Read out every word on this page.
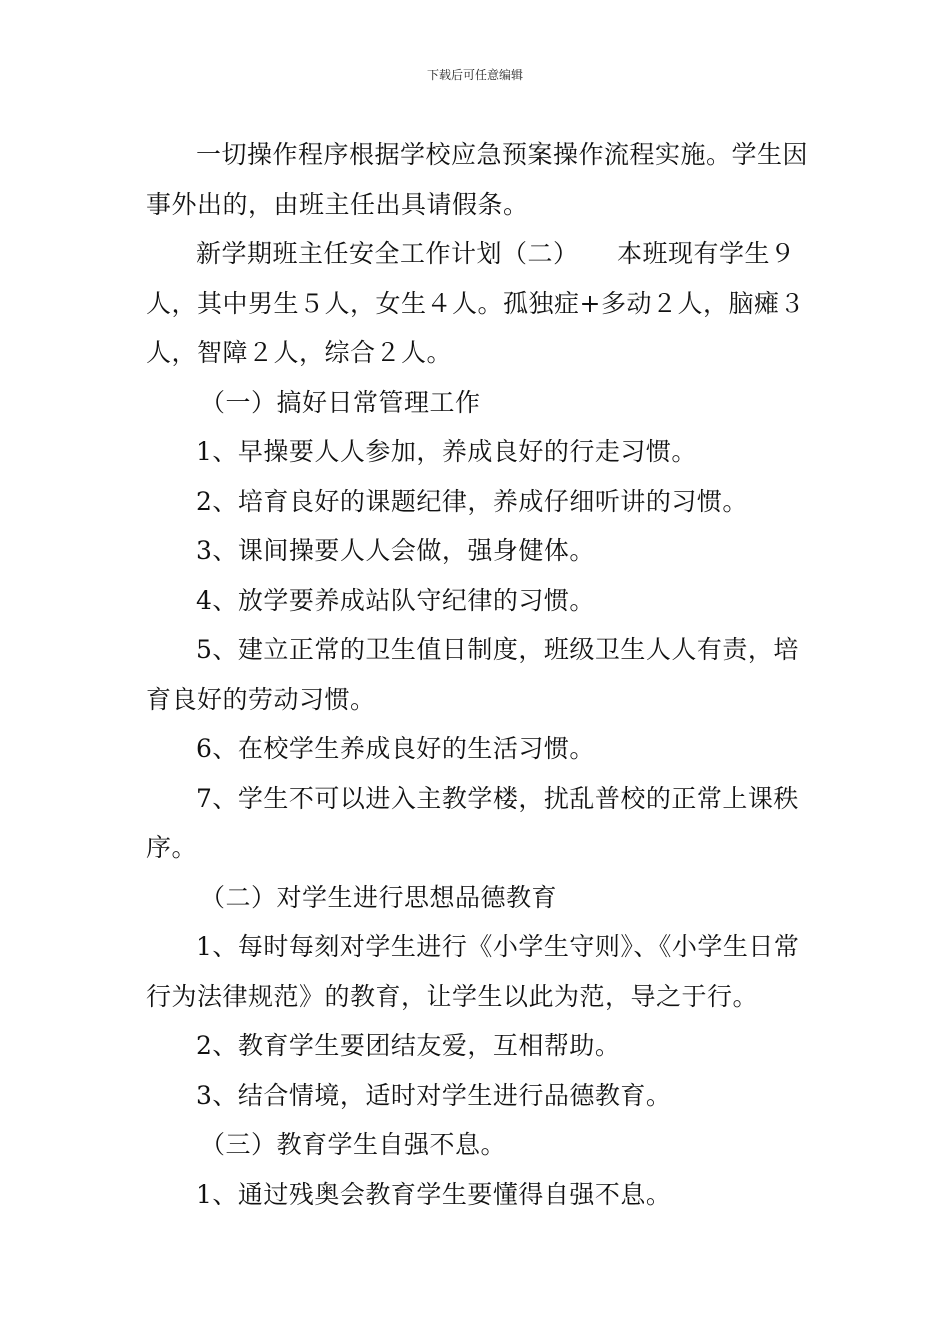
下载后可任意编辑

一切操作程序根据学校应急预案操作流程实施。学生因事外出的，由班主任出具请假条。

新学期班主任安全工作计划（二）　　本班现有学生９人，其中男生５人，女生４人。孤独症+多动２人，脑瘫３人，智障２人，综合２人。

（一）搞好日常管理工作

1、早操要人人参加，养成良好的行走习惯。

2、培育良好的课题纪律，养成仔细听讲的习惯。

3、课间操要人人会做，强身健体。

4、放学要养成站队守纪律的习惯。

5、建立正常的卫生值日制度，班级卫生人人有责，培育良好的劳动习惯。

6、在校学生养成良好的生活习惯。

7、学生不可以进入主教学楼，扰乱普校的正常上课秩序。

（二）对学生进行思想品德教育

1、每时每刻对学生进行《小学生守则》、《小学生日常行为法律规范》的教育，让学生以此为范，导之于行。

2、教育学生要团结友爱，互相帮助。

3、结合情境，适时对学生进行品德教育。

（三）教育学生自强不息。

1、通过残奥会教育学生要懂得自强不息。
